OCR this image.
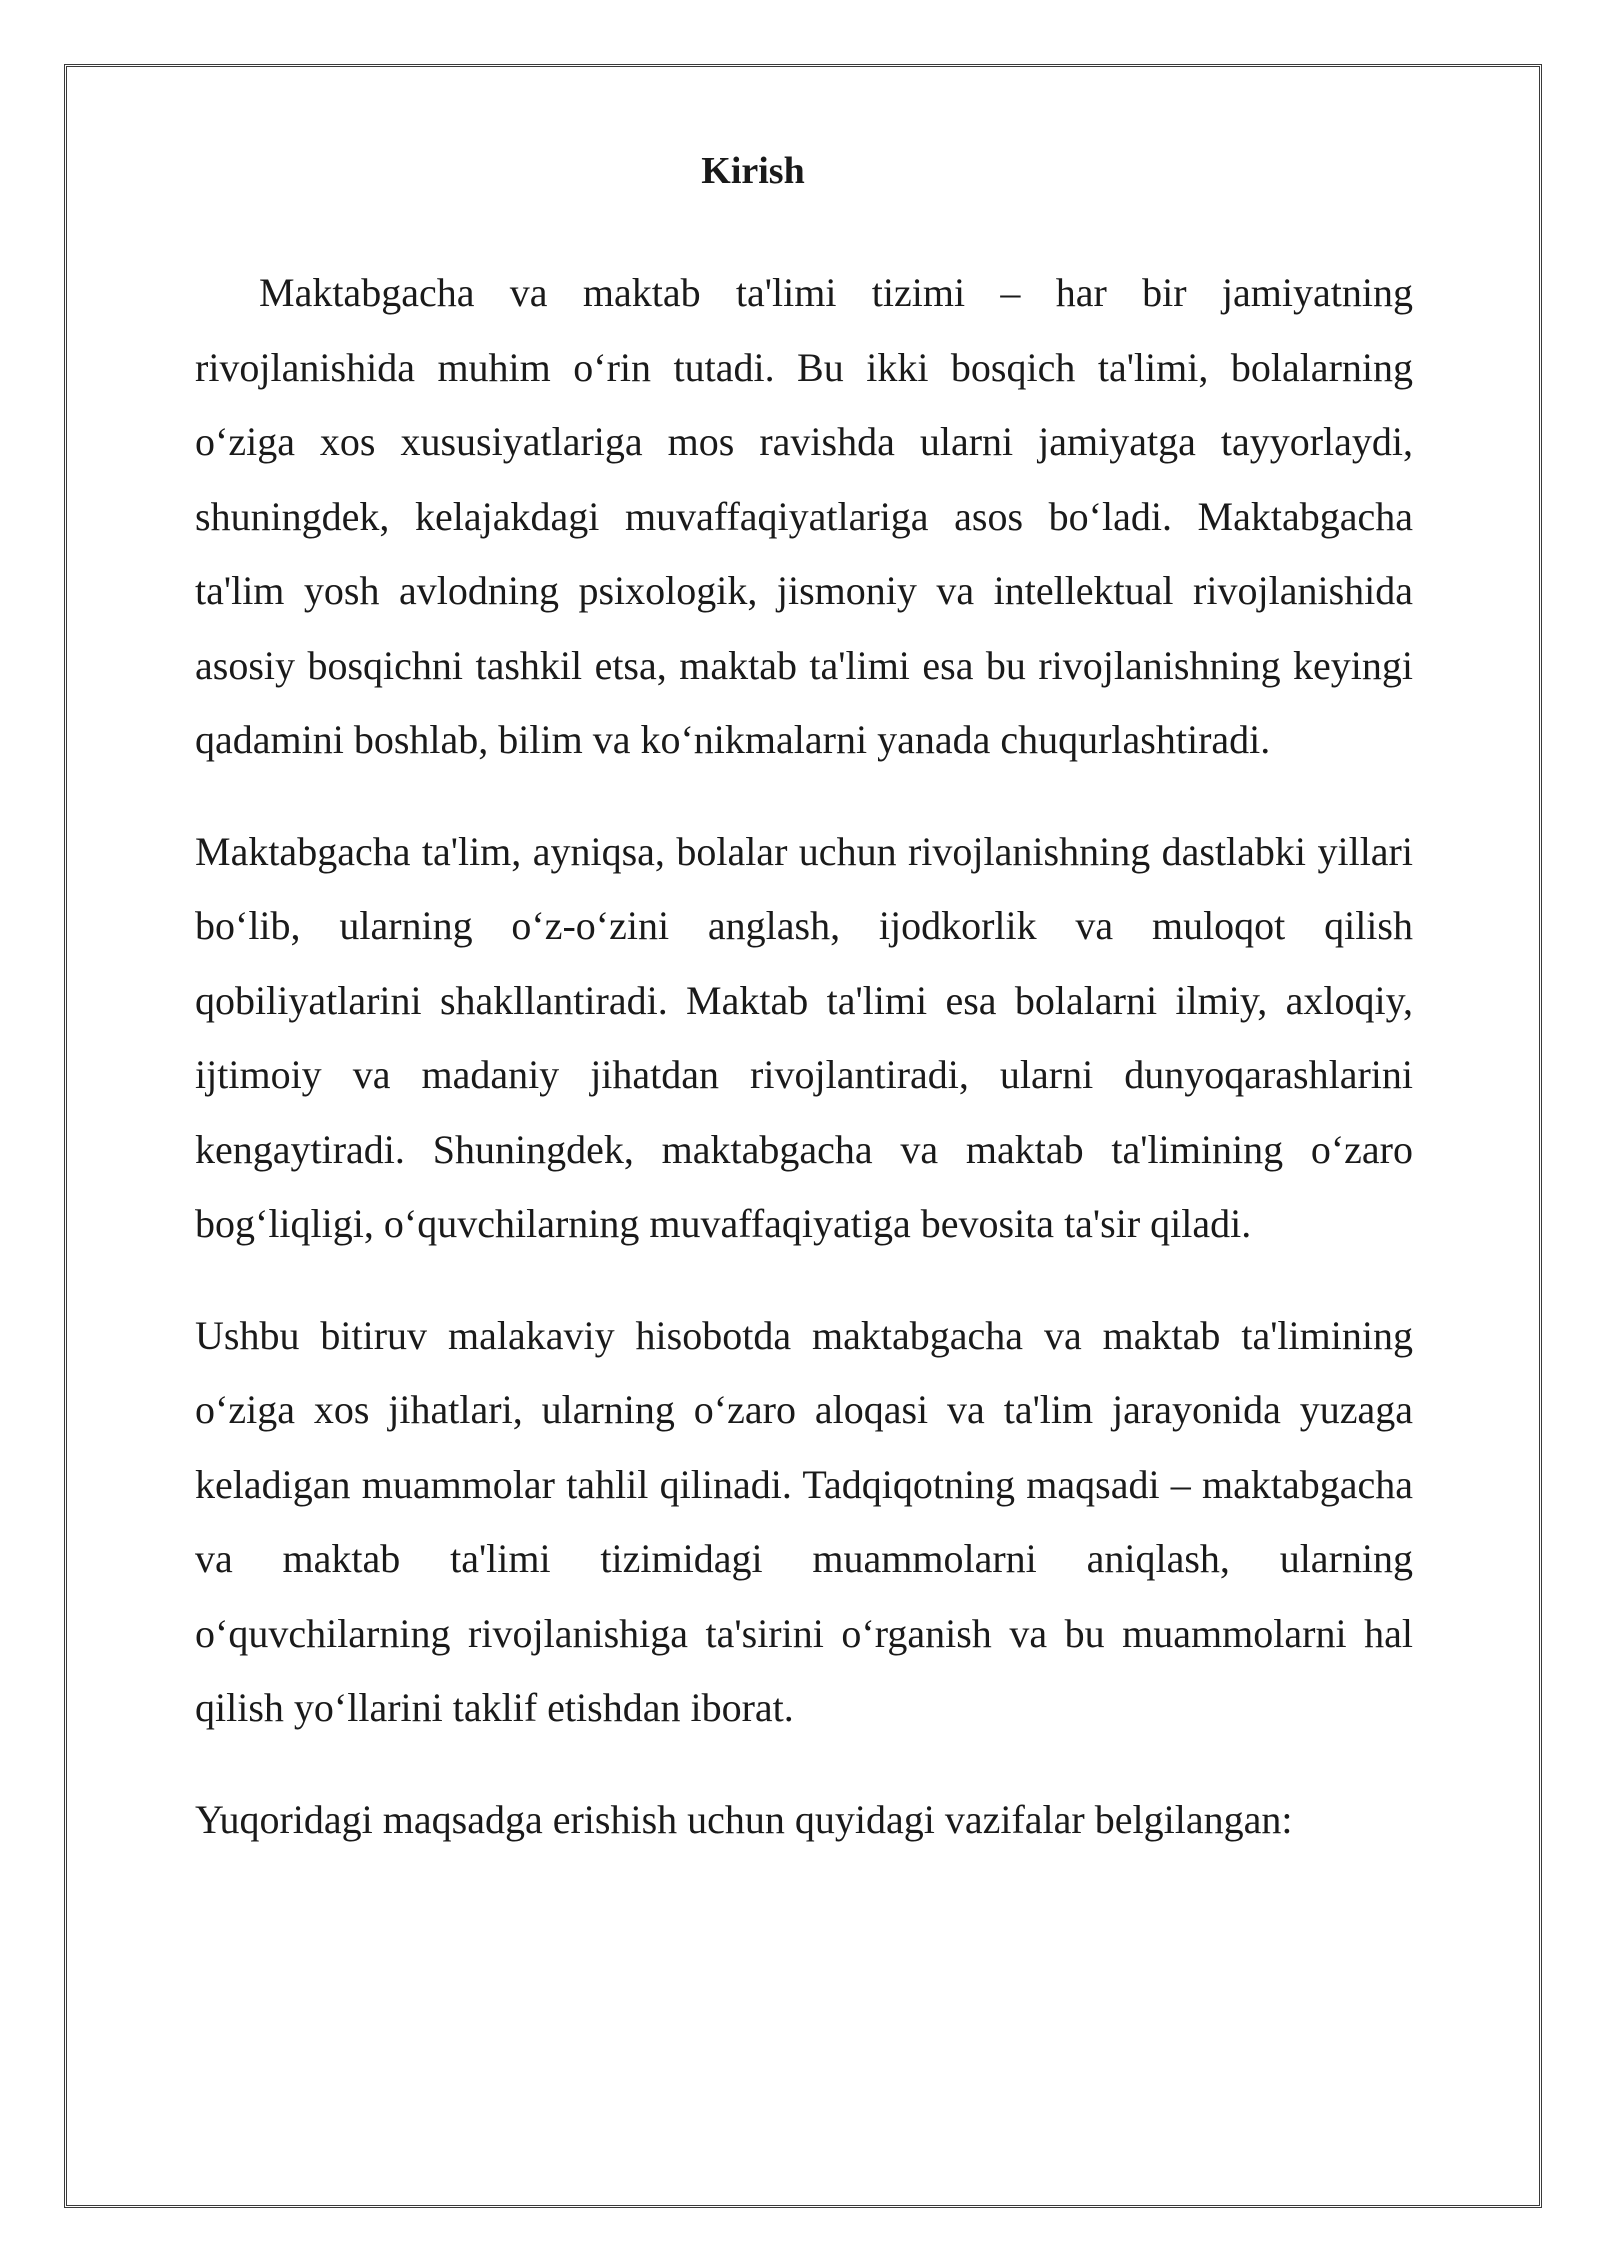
Kirish

Maktabgacha va maktab ta'limi tizimi – har bir jamiyatning rivojlanishida muhim o‘rin tutadi. Bu ikki bosqich ta'limi, bolalarning o‘ziga xos xususiyatlariga mos ravishda ularni jamiyatga tayyorlaydi, shuningdek, kelajakdagi muvaffaqiyatlariga asos bo‘ladi. Maktabgacha ta'lim yosh avlodning psixologik, jismoniy va intellektual rivojlanishida asosiy bosqichni tashkil etsa, maktab ta'limi esa bu rivojlanishning keyingi qadamini boshlab, bilim va ko‘nikmalarni yanada chuqurlashtiradi.

Maktabgacha ta'lim, ayniqsa, bolalar uchun rivojlanishning dastlabki yillari bo‘lib, ularning o‘z-o‘zini anglash, ijodkorlik va muloqot qilish qobiliyatlarini shakllantiradi. Maktab ta'limi esa bolalarni ilmiy, axloqiy, ijtimoiy va madaniy jihatdan rivojlantiradi, ularni dunyoqarashlarini kengaytiradi. Shuningdek, maktabgacha va maktab ta'limining o‘zaro bog‘liqligi, o‘quvchilarning muvaffaqiyatiga bevosita ta'sir qiladi.

Ushbu bitiruv malakaviy hisobotda maktabgacha va maktab ta'limining o‘ziga xos jihatlari, ularning o‘zaro aloqasi va ta'lim jarayonida yuzaga keladigan muammolar tahlil qilinadi. Tadqiqotning maqsadi – maktabgacha va maktab ta'limi tizimidagi muammolarni aniqlash, ularning o‘quvchilarning rivojlanishiga ta'sirini o‘rganish va bu muammolarni hal qilish yo‘llarini taklif etishdan iborat.

Yuqoridagi maqsadga erishish uchun quyidagi vazifalar belgilangan:
